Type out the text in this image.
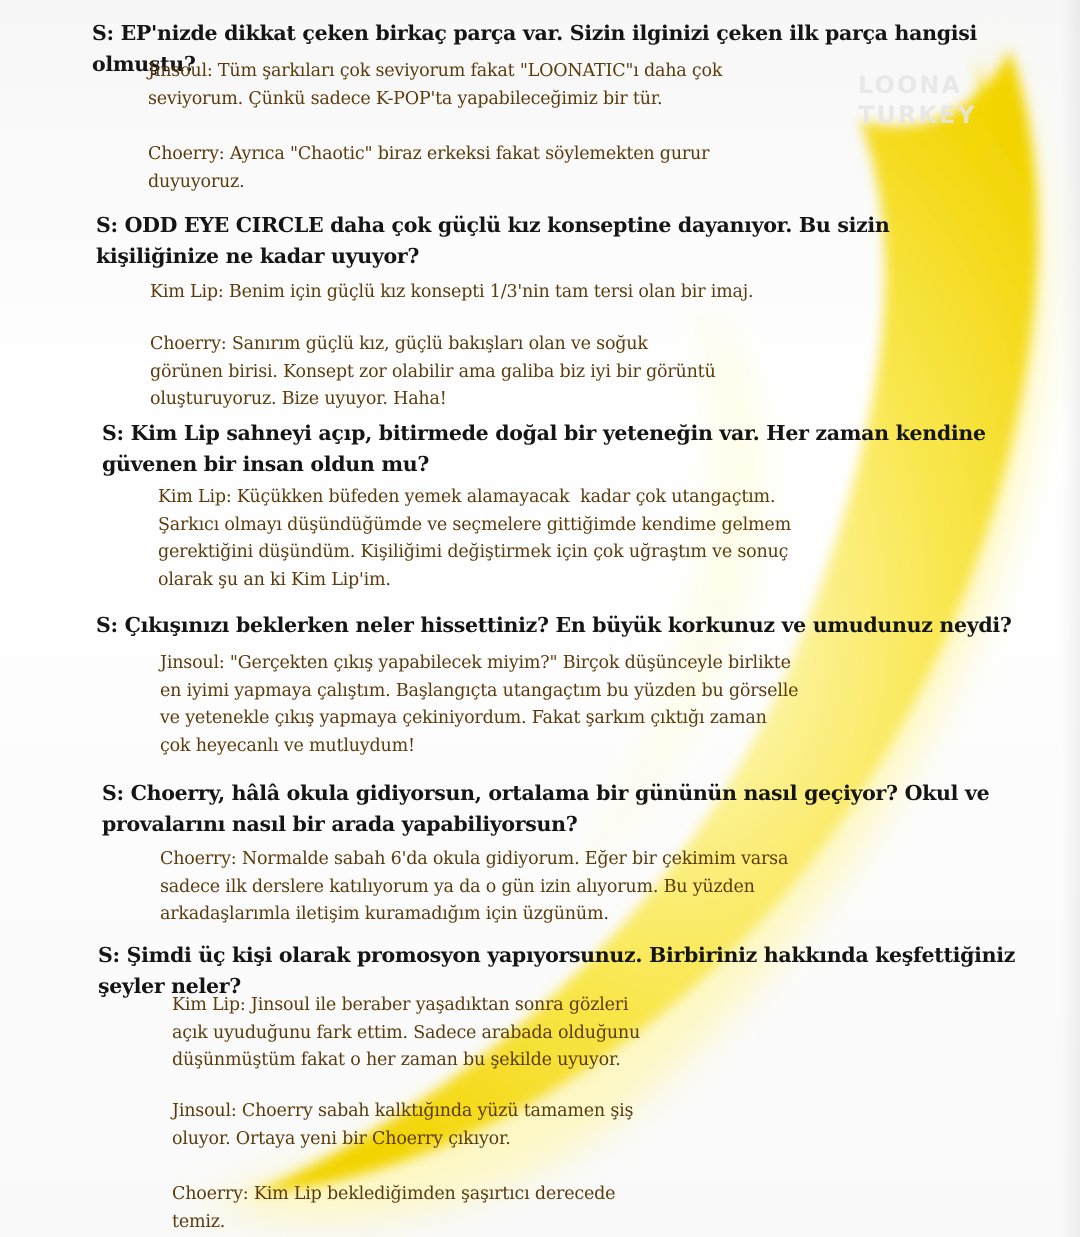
LOONA
TURKEY

S: EP'nizde dikkat çeken birkaç parça var. Sizin ilginizi çeken ilk parça hangisi olmuştu?

Jinsoul: Tüm şarkıları çok seviyorum fakat "LOONATIC"ı daha çok
seviyorum. Çünkü sadece K-POP'ta yapabileceğimiz bir tür.

Choerry: Ayrıca "Chaotic" biraz erkeksi fakat söylemekten gurur
duyuyoruz.

S: ODD EYE CIRCLE daha çok güçlü kız konseptine dayanıyor. Bu sizin kişiliğinize ne kadar uyuyor?

Kim Lip: Benim için güçlü kız konsepti 1/3'nin tam tersi olan bir imaj.

Choerry: Sanırım güçlü kız, güçlü bakışları olan ve soğuk
görünen birisi. Konsept zor olabilir ama galiba biz iyi bir görüntü
oluşturuyoruz. Bize uyuyor. Haha!

S: Kim Lip sahneyi açıp, bitirmede doğal bir yeteneğin var. Her zaman kendine güvenen bir insan oldun mu?

Kim Lip: Küçükken büfeden yemek alamayacak  kadar çok utangaçtım.
Şarkıcı olmayı düşündüğümde ve seçmelere gittiğimde kendime gelmem
gerektiğini düşündüm. Kişiliğimi değiştirmek için çok uğraştım ve sonuç
olarak şu an ki Kim Lip'im.

S: Çıkışınızı beklerken neler hissettiniz? En büyük korkunuz ve umudunuz neydi?

Jinsoul: "Gerçekten çıkış yapabilecek miyim?" Birçok düşünceyle birlikte
en iyimi yapmaya çalıştım. Başlangıçta utangaçtım bu yüzden bu görselle
ve yetenekle çıkış yapmaya çekiniyordum. Fakat şarkım çıktığı zaman
çok heyecanlı ve mutluydum!

S: Choerry, hâlâ okula gidiyorsun, ortalama bir gününün nasıl geçiyor? Okul ve provalarını nasıl bir arada yapabiliyorsun?

Choerry: Normalde sabah 6'da okula gidiyorum. Eğer bir çekimim varsa
sadece ilk derslere katılıyorum ya da o gün izin alıyorum. Bu yüzden
arkadaşlarımla iletişim kuramadığım için üzgünüm.

S: Şimdi üç kişi olarak promosyon yapıyorsunuz. Birbiriniz hakkında keşfettiğiniz şeyler neler?

Kim Lip: Jinsoul ile beraber yaşadıktan sonra gözleri
açık uyuduğunu fark ettim. Sadece arabada olduğunu
düşünmüştüm fakat o her zaman bu şekilde uyuyor.

Jinsoul: Choerry sabah kalktığında yüzü tamamen şiş
oluyor. Ortaya yeni bir Choerry çıkıyor.

Choerry: Kim Lip beklediğimden şaşırtıcı derecede
temiz.
